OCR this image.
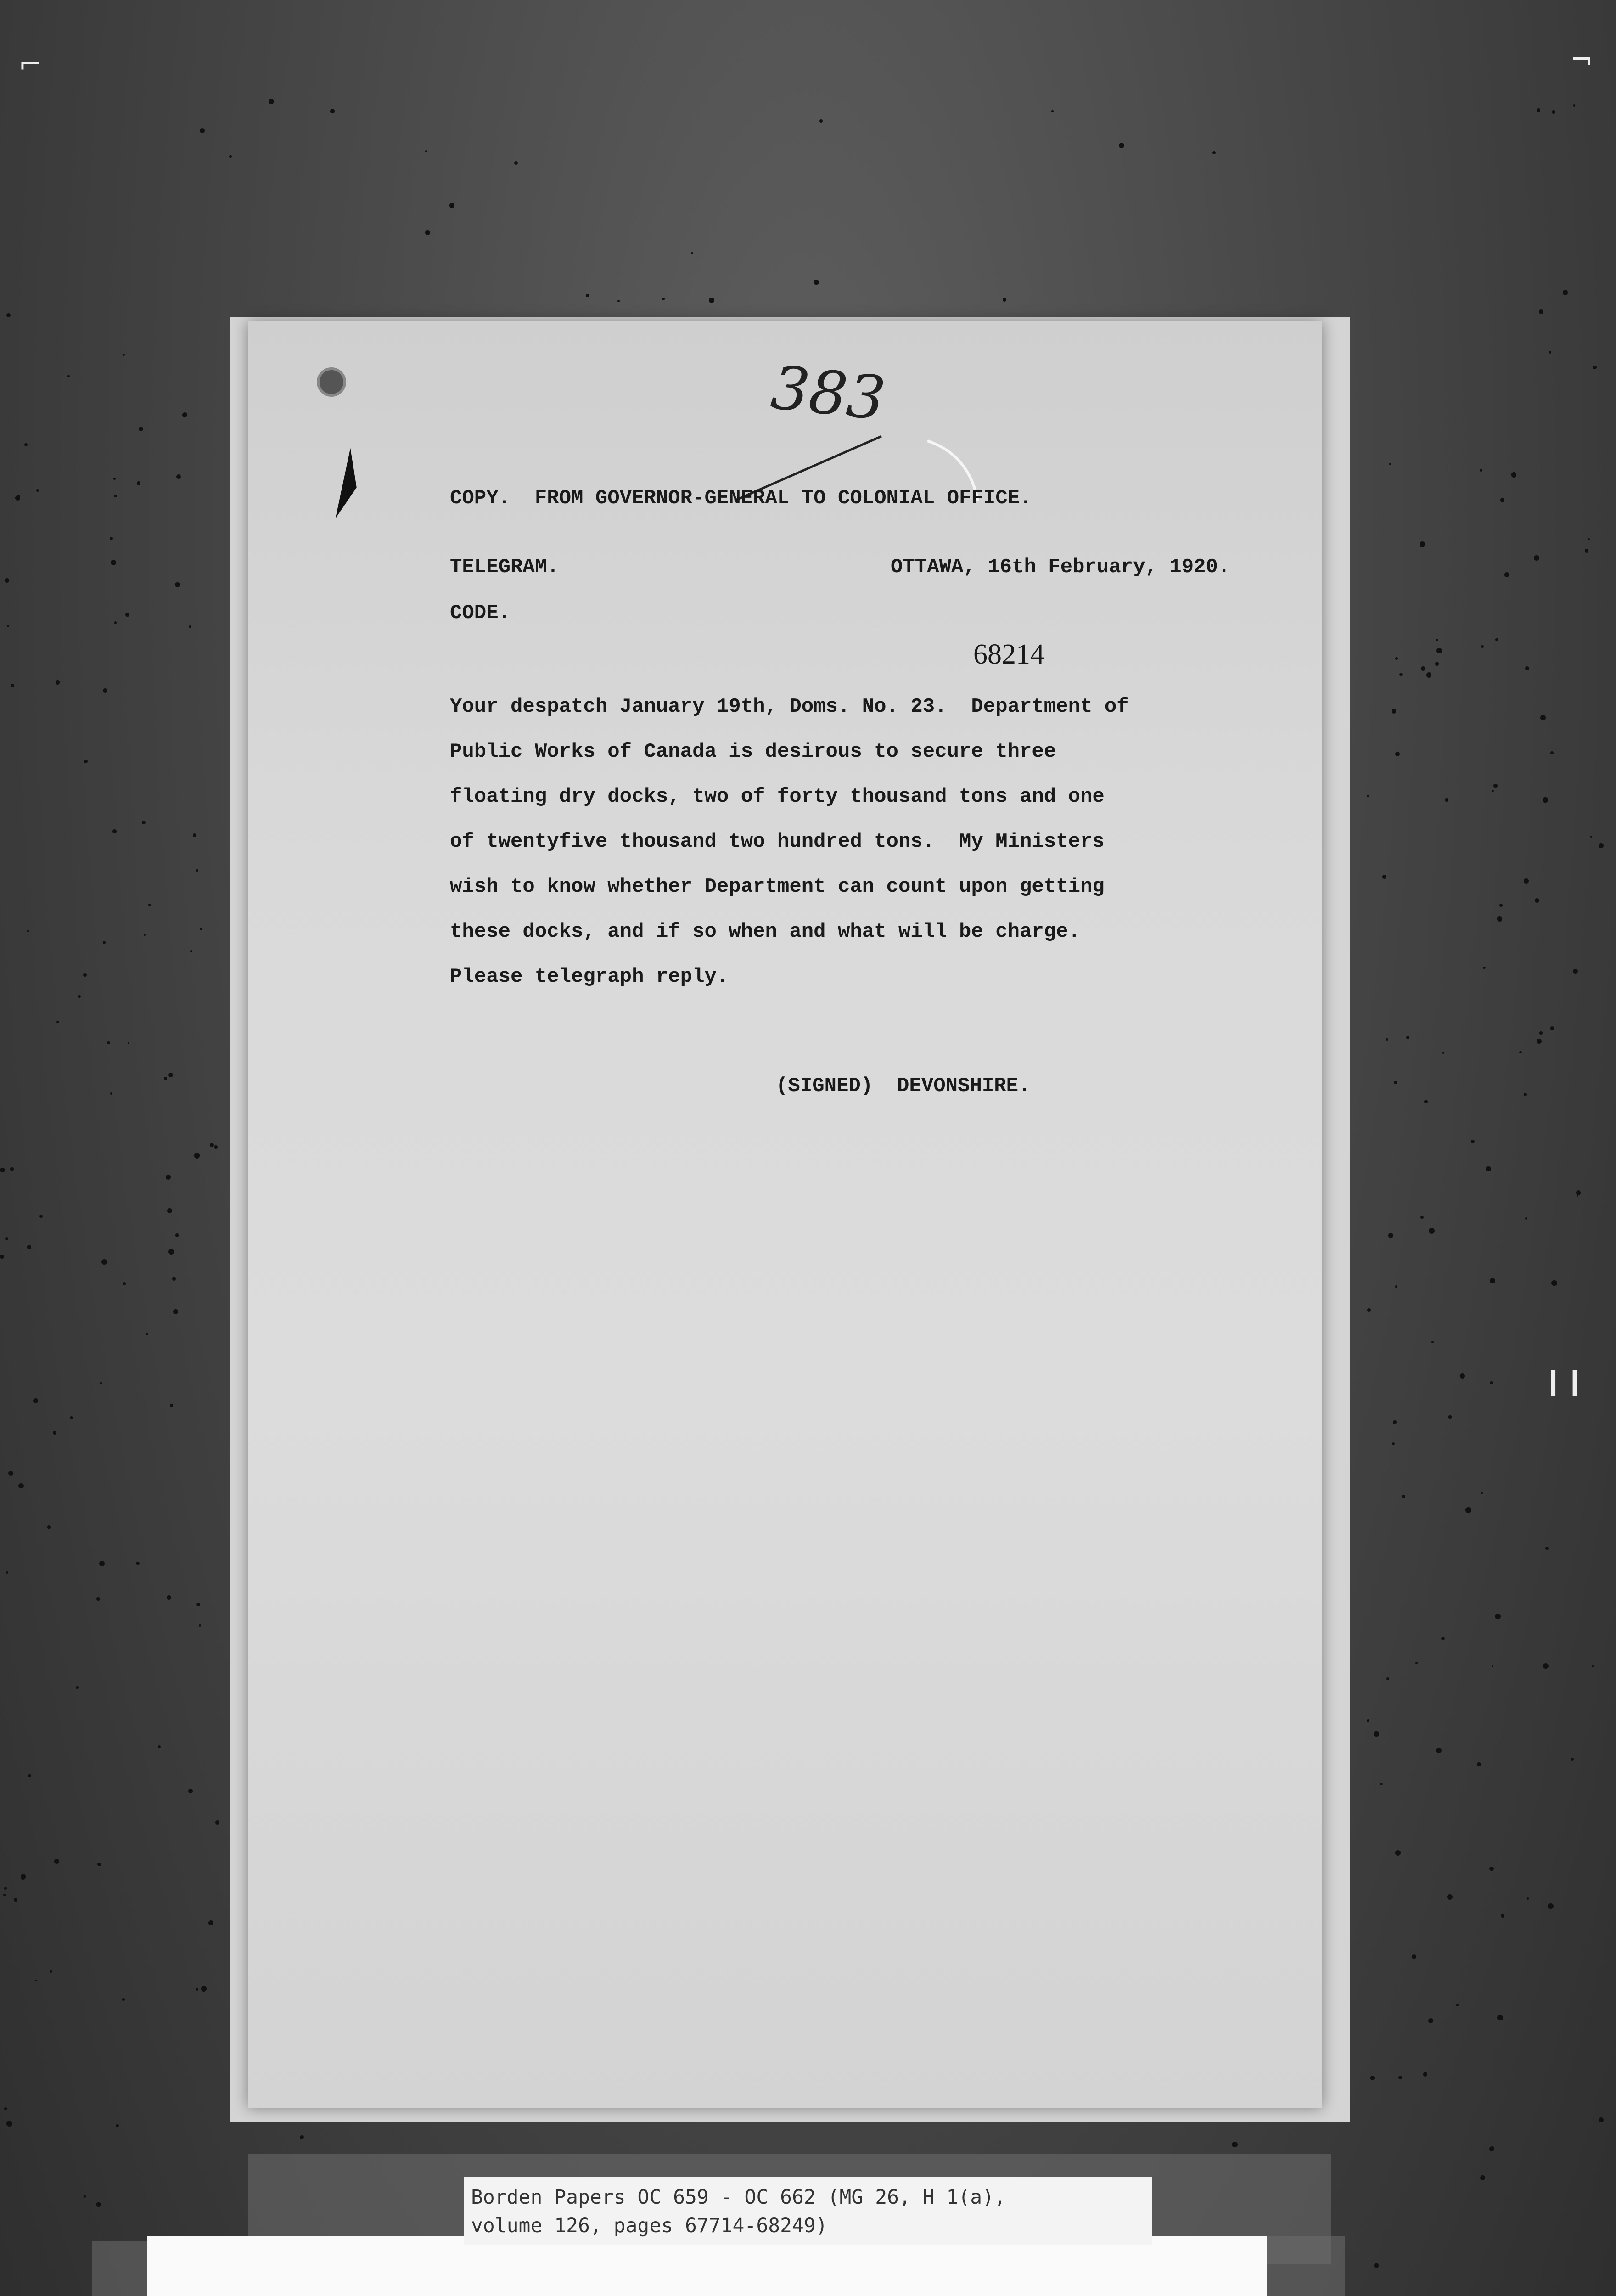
⌐	¬
❙❙
383
COPY.  FROM GOVERNOR-GENERAL TO COLONIAL OFFICE.
TELEGRAM.	OTTAWA, 16th February, 1920.
CODE.
68214
Your despatch January 19th, Doms. No. 23.  Department of
Public Works of Canada is desirous to secure three
floating dry docks, two of forty thousand tons and one
of twentyfive thousand two hundred tons.  My Ministers
wish to know whether Department can count upon getting
these docks, and if so when and what will be charge.
Please telegraph reply.
(SIGNED)  DEVONSHIRE.
Borden Papers OC 659 - OC 662 (MG 26, H 1(a),
volume 126, pages 67714-68249)
